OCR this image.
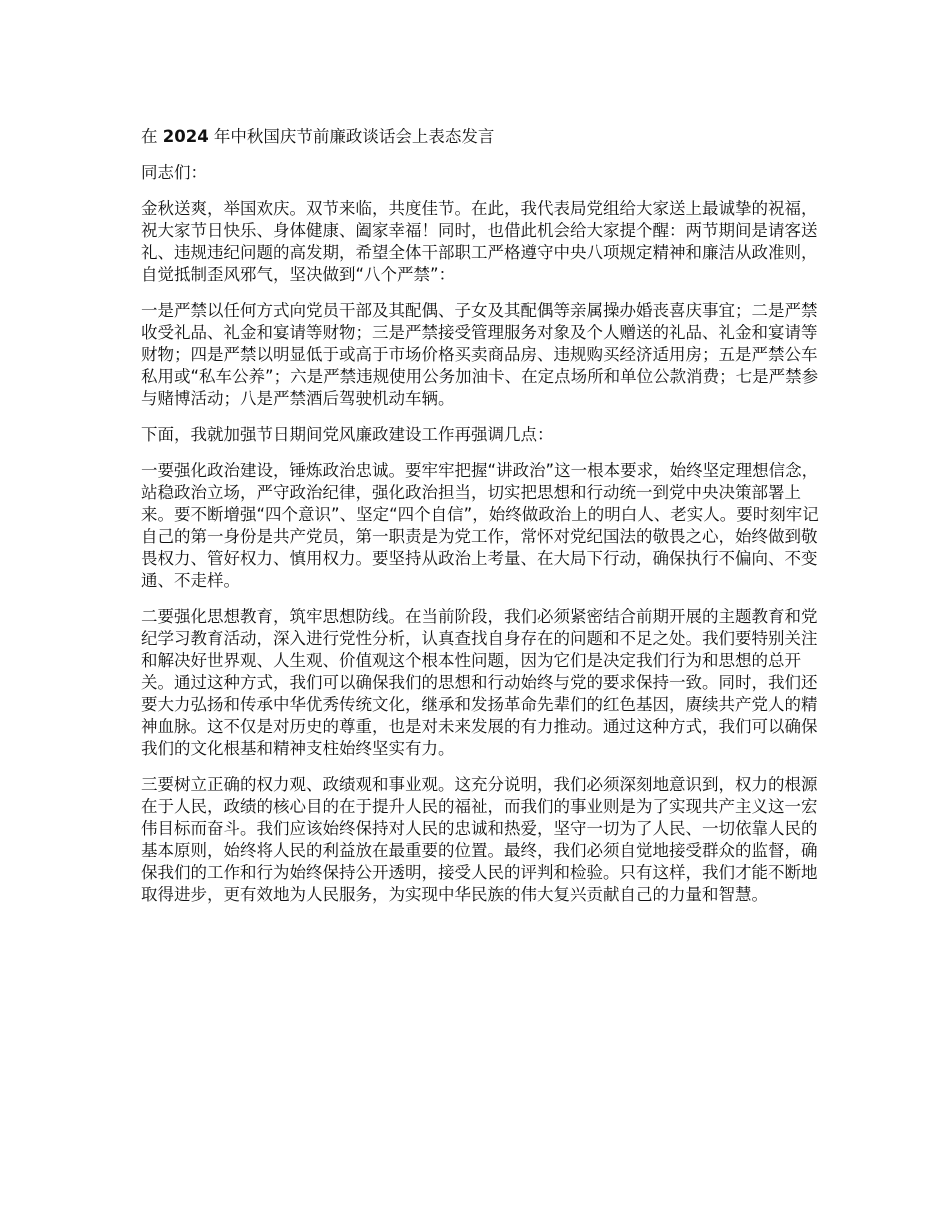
在 2024 年中秋国庆节前廉政谈话会上表态发言

同志们：

金秋送爽，举国欢庆。双节来临，共度佳节。在此，我代表局党组给大家送上最诚挚的祝福，祝大家节日快乐、身体健康、阖家幸福！同时，也借此机会给大家提个醒：两节期间是请客送礼、违规违纪问题的高发期，希望全体干部职工严格遵守中央八项规定精神和廉洁从政准则，自觉抵制歪风邪气，坚决做到“八个严禁”：

一是严禁以任何方式向党员干部及其配偶、子女及其配偶等亲属操办婚丧喜庆事宜；二是严禁收受礼品、礼金和宴请等财物；三是严禁接受管理服务对象及个人赠送的礼品、礼金和宴请等财物；四是严禁以明显低于或高于市场价格买卖商品房、违规购买经济适用房；五是严禁公车私用或“私车公养”；六是严禁违规使用公务加油卡、在定点场所和单位公款消费；七是严禁参与赌博活动；八是严禁酒后驾驶机动车辆。

下面，我就加强节日期间党风廉政建设工作再强调几点：

一要强化政治建设，锤炼政治忠诚。要牢牢把握“讲政治”这一根本要求，始终坚定理想信念，站稳政治立场，严守政治纪律，强化政治担当，切实把思想和行动统一到党中央决策部署上来。要不断增强“四个意识”、坚定“四个自信”，始终做政治上的明白人、老实人。要时刻牢记自己的第一身份是共产党员，第一职责是为党工作，常怀对党纪国法的敬畏之心，始终做到敬畏权力、管好权力、慎用权力。要坚持从政治上考量、在大局下行动，确保执行不偏向、不变通、不走样。

二要强化思想教育，筑牢思想防线。在当前阶段，我们必须紧密结合前期开展的主题教育和党纪学习教育活动，深入进行党性分析，认真查找自身存在的问题和不足之处。我们要特别关注和解决好世界观、人生观、价值观这个根本性问题，因为它们是决定我们行为和思想的总开关。通过这种方式，我们可以确保我们的思想和行动始终与党的要求保持一致。同时，我们还要大力弘扬和传承中华优秀传统文化，继承和发扬革命先辈们的红色基因，赓续共产党人的精神血脉。这不仅是对历史的尊重，也是对未来发展的有力推动。通过这种方式，我们可以确保我们的文化根基和精神支柱始终坚实有力。

三要树立正确的权力观、政绩观和事业观。这充分说明，我们必须深刻地意识到，权力的根源在于人民，政绩的核心目的在于提升人民的福祉，而我们的事业则是为了实现共产主义这一宏伟目标而奋斗。我们应该始终保持对人民的忠诚和热爱，坚守一切为了人民、一切依靠人民的基本原则，始终将人民的利益放在最重要的位置。最终，我们必须自觉地接受群众的监督，确保我们的工作和行为始终保持公开透明，接受人民的评判和检验。只有这样，我们才能不断地取得进步，更有效地为人民服务，为实现中华民族的伟大复兴贡献自己的力量和智慧。
